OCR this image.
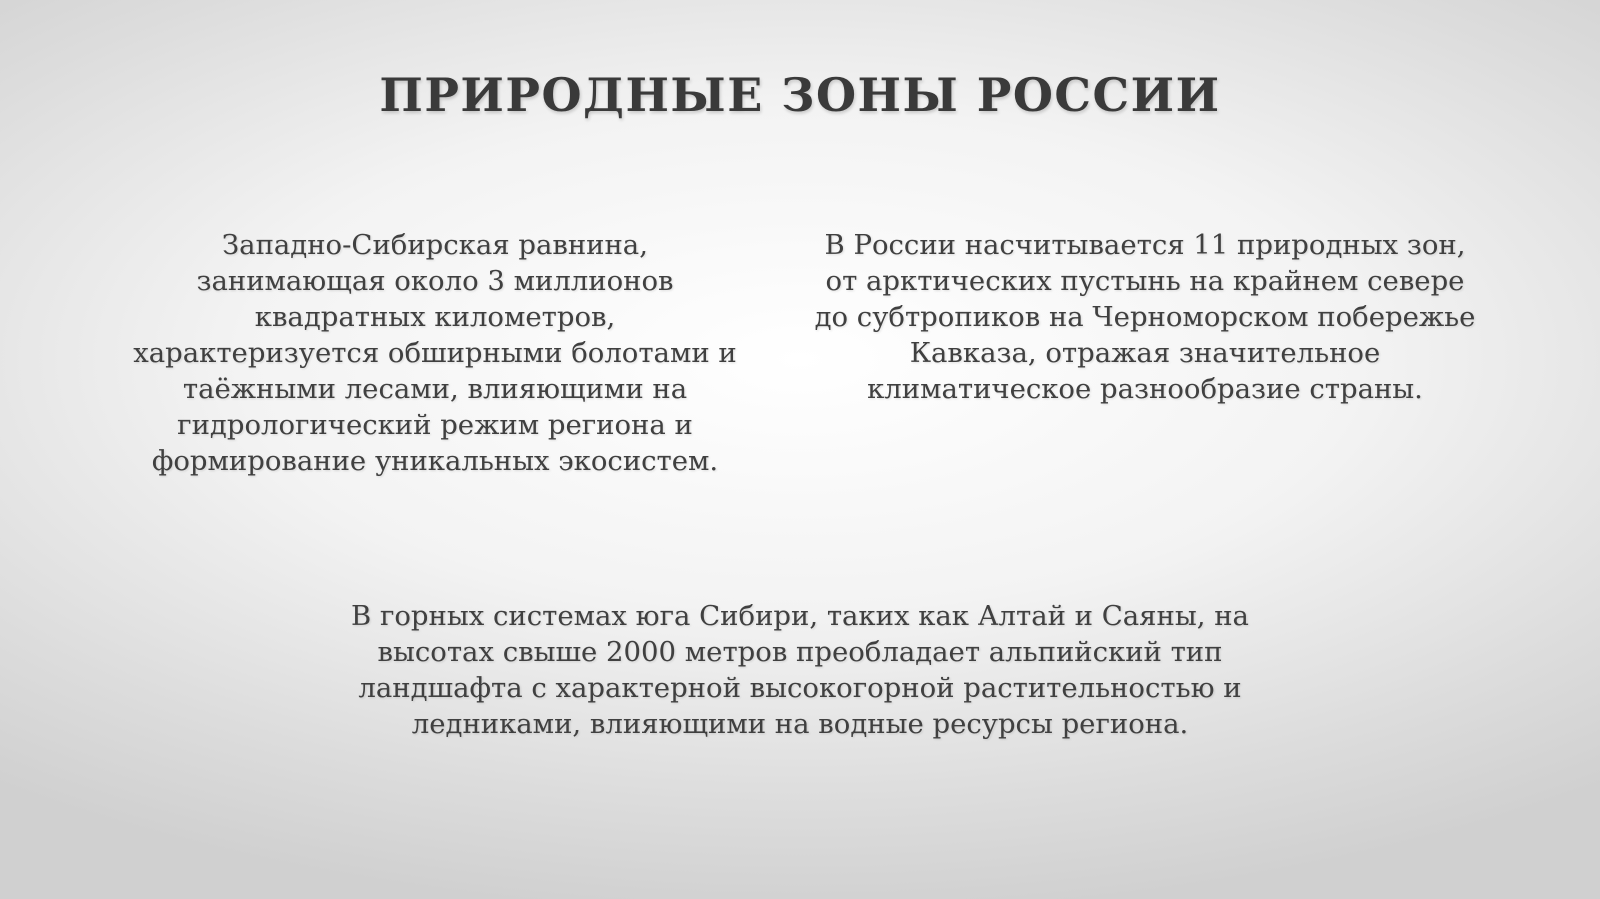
ПРИРОДНЫЕ ЗОНЫ РОССИИ

Западно-Сибирская равнина,
занимающая около 3 миллионов
квадратных километров,
характеризуется обширными болотами и
таёжными лесами, влияющими на
гидрологический режим региона и
формирование уникальных экосистем.

В России насчитывается 11 природных зон,
от арктических пустынь на крайнем севере
до субтропиков на Черноморском побережье
Кавказа, отражая значительное
климатическое разнообразие страны.

В горных системах юга Сибири, таких как Алтай и Саяны, на
высотах свыше 2000 метров преобладает альпийский тип
ландшафта с характерной высокогорной растительностью и
ледниками, влияющими на водные ресурсы региона.
